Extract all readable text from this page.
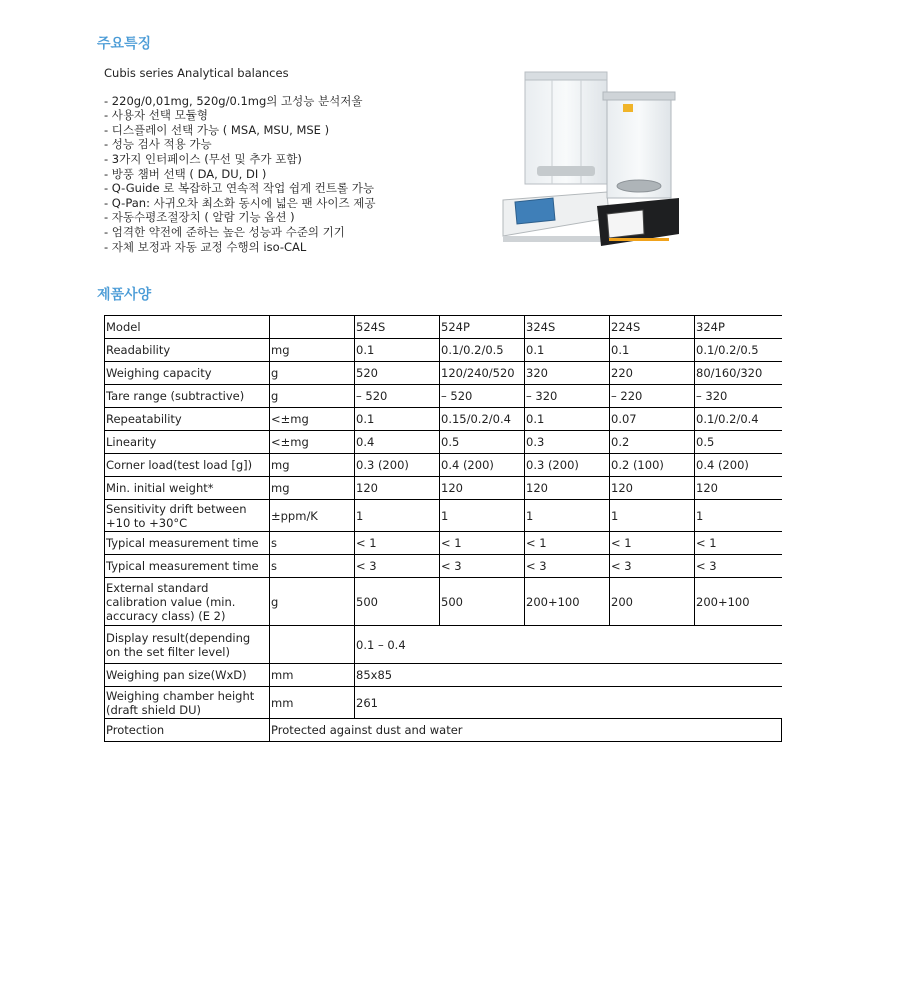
주요특징
Cubis series Analytical balances
- 220g/0,01mg, 520g/0.1mg의 고성능 분석저울
- 사용자 선택 모듈형
- 디스플레이 선택 가능 ( MSA, MSU, MSE )
- 성능 검사 적용 가능
- 3가지 인터페이스 (무선 및 추가 포함)
- 방풍 챔버 선택 ( DA, DU, DI )
- Q-Guide 로 복잡하고 연속적 작업 쉽게 컨트롤 가능
- Q-Pan: 사귀오차 최소화 동시에 넓은 팬 사이즈 제공
- 자동수평조절장치 ( 알람 기능 옵션 )
- 엄격한 약전에 준하는 높은 성능과 수준의 기기
- 자체 보정과 자동 교정 수행의 iso-CAL
제품사양
Model		524S	524P	324S	224S	324P
Readability	mg	0.1	0.1/0.2/0.5	0.1	0.1	0.1/0.2/0.5
Weighing capacity	g	520	120/240/520	320	220	80/160/320
Tare range (subtractive)	g	– 520	– 520	– 320	– 220	– 320
Repeatability	<±mg	0.1	0.15/0.2/0.4	0.1	0.07	0.1/0.2/0.4
Linearity	<±mg	0.4	0.5	0.3	0.2	0.5
Corner load(test load [g])	mg	0.3 (200)	0.4 (200)	0.3 (200)	0.2 (100)	0.4 (200)
Min. initial weight*	mg	120	120	120	120	120
Sensitivity drift between +10 to +30°C	±ppm/K	1	1	1	1	1
Typical measurement time	s	< 1	< 1	< 1	< 1	< 1
Typical measurement time	s	< 3	< 3	< 3	< 3	< 3
External standard calibration value (min. accuracy class) (E 2)	g	500	500	200+100	200	200+100
Display result(depending on the set filter level)		0.1 – 0.4				
Weighing pan size(WxD)	mm	85x85				
Weighing chamber height (draft shield DU)	mm	261				
Protection	Protected against dust and water					
